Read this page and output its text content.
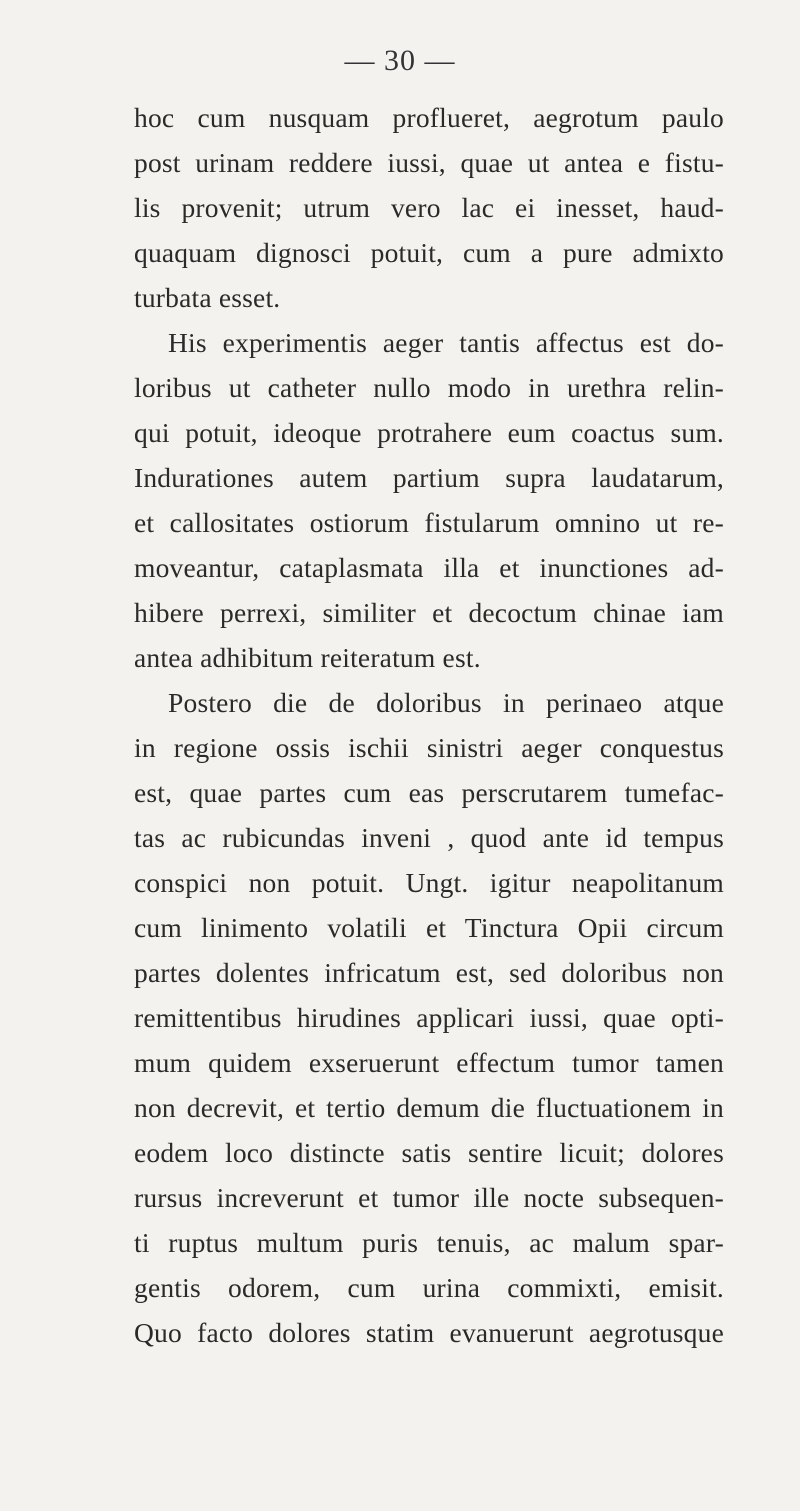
— 30 —
hoc cum nusquam proflueret, aegrotum paulo
post urinam reddere iussi, quae ut antea e fistu-
lis provenit; utrum vero lac ei inesset, haud-
quaquam dignosci potuit, cum a pure admixto
turbata esset.
His experimentis aeger tantis affectus est do-
loribus ut catheter nullo modo in urethra relin-
qui potuit, ideoque protrahere eum coactus sum.
Indurationes autem partium supra laudatarum,
et callositates ostiorum fistularum omnino ut re-
moveantur, cataplasmata illa et inunctiones ad-
hibere perrexi, similiter et decoctum chinae iam
antea adhibitum reiteratum est.
Postero die de doloribus in perinaeo atque
in regione ossis ischii sinistri aeger conquestus
est, quae partes cum eas perscrutarem tumefac-
tas ac rubicundas inveni , quod ante id tempus
conspici non potuit. Ungt. igitur neapolitanum
cum linimento volatili et Tinctura Opii circum
partes dolentes infricatum est, sed doloribus non
remittentibus hirudines applicari iussi, quae opti-
mum quidem exseruerunt effectum tumor tamen
non decrevit, et tertio demum die fluctuationem in
eodem loco distincte satis sentire licuit; dolores
rursus increverunt et tumor ille nocte subsequen-
ti ruptus multum puris tenuis, ac malum spar-
gentis odorem, cum urina commixti, emisit.
Quo facto dolores statim evanuerunt aegrotusque
